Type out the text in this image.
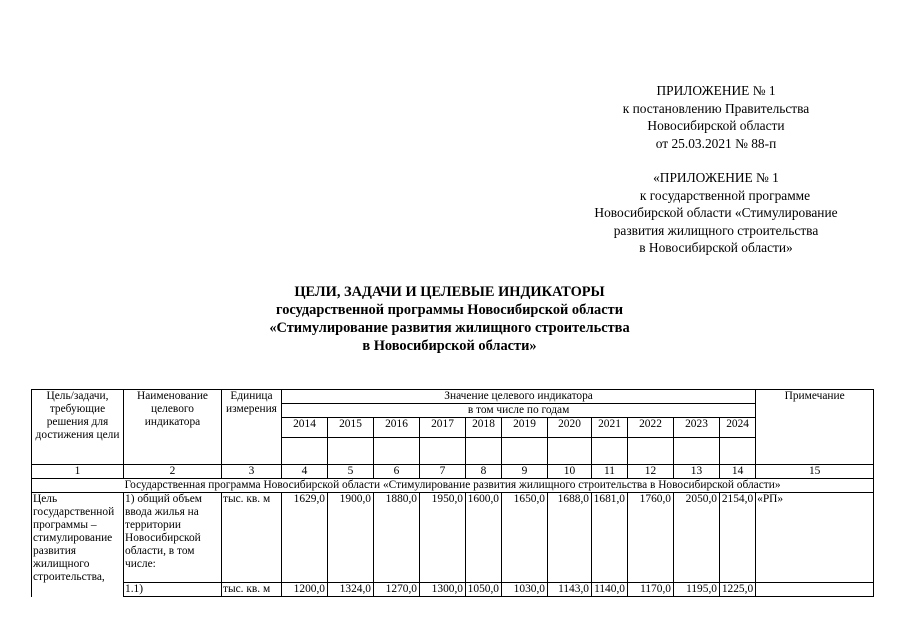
ПРИЛОЖЕНИЕ № 1
к постановлению Правительства
Новосибирской области
от 25.03.2021 № 88-п
«ПРИЛОЖЕНИЕ № 1
к государственной программе
Новосибирской области «Стимулирование
развития жилищного строительства
в Новосибирской области»
ЦЕЛИ, ЗАДАЧИ И ЦЕЛЕВЫЕ ИНДИКАТОРЫ
государственной программы Новосибирской области
«Стимулирование развития жилищного строительства
в Новосибирской области»
Цель/задачи, требующие решения для достижения цели	Наименование целевого индикатора	Единица измерения	Значение целевого индикатора											Примечание
			в том числе по годам											
			2014	2015	2016	2017	2018	2019	2020	2021	2022	2023	2024	

1	2	3	4	5	6	7	8	9	10	11	12	13	14	15
Государственная программа Новосибирской области «Стимулирование развития жилищного строительства в Новосибирской области»														
Цель государственной программы – стимулирование развития жилищного строительства,	1) общий объем ввода жилья на территории Новосибирской области, в том числе:	тыс. кв. м	1629,0	1900,0	1880,0	1950,0	1600,0	1650,0	1688,0	1681,0	1760,0	2050,0	2154,0	«РП»
	1.1)	тыс. кв. м	1200,0	1324,0	1270,0	1300,0	1050,0	1030,0	1143,0	1140,0	1170,0	1195,0	1225,0	
